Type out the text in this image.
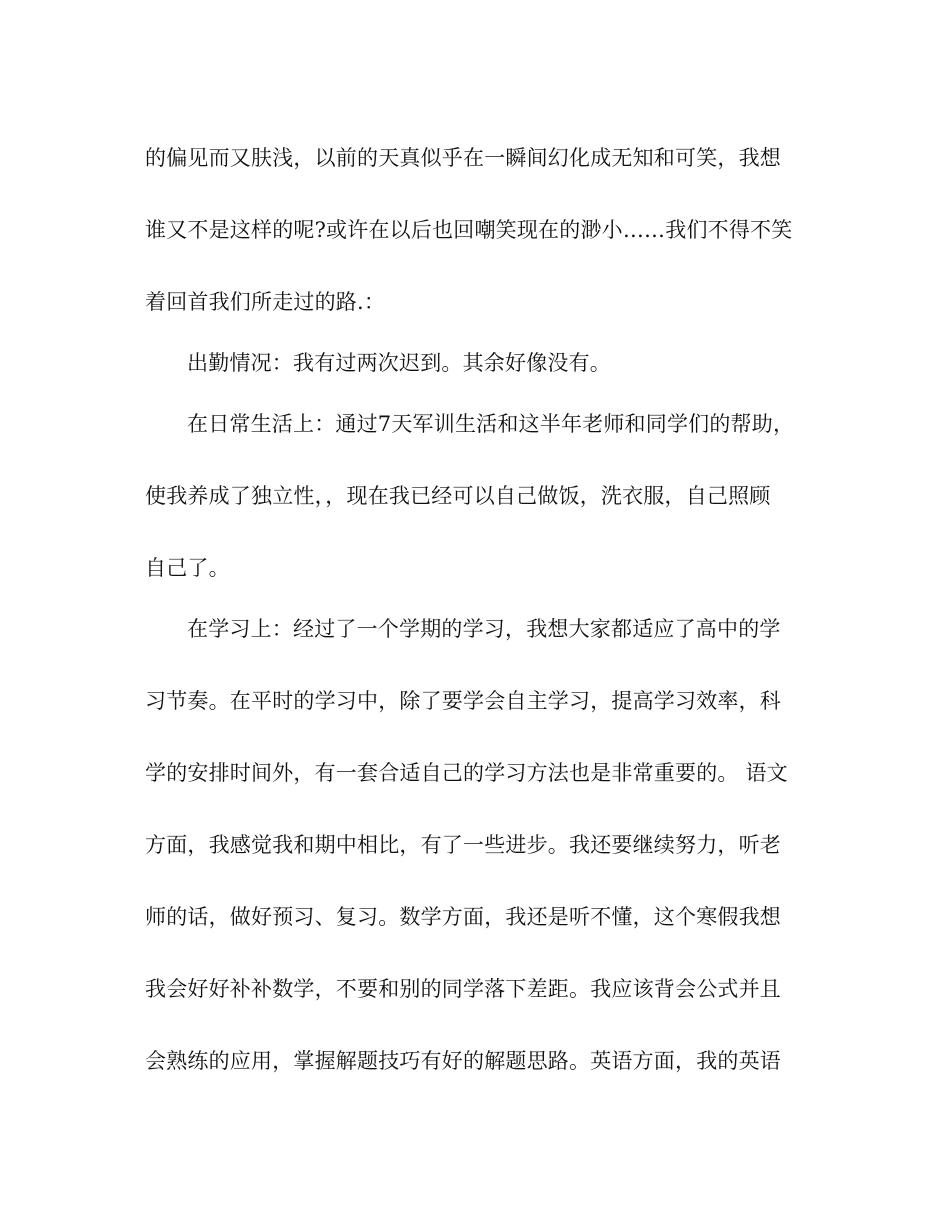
的偏见而又肤浅，以前的天真似乎在一瞬间幻化成无知和可笑，我想
谁又不是这样的呢?或许在以后也回嘲笑现在的渺小……我们不得不笑
着回首我们所走过的路.：
出勤情况：我有过两次迟到。其余好像没有。
在日常生活上：通过7天军训生活和这半年老师和同学们的帮助，
使我养成了独立性，，现在我已经可以自己做饭，洗衣服，自己照顾
自己了。
在学习上：经过了一个学期的学习，我想大家都适应了高中的学
习节奏。在平时的学习中，除了要学会自主学习，提高学习效率，科
学的安排时间外，有一套合适自己的学习方法也是非常重要的。 语文
方面，我感觉我和期中相比，有了一些进步。我还要继续努力，听老
师的话，做好预习、复习。数学方面，我还是听不懂，这个寒假我想
我会好好补补数学，不要和别的同学落下差距。我应该背会公式并且
会熟练的应用，掌握解题技巧有好的解题思路。英语方面，我的英语
